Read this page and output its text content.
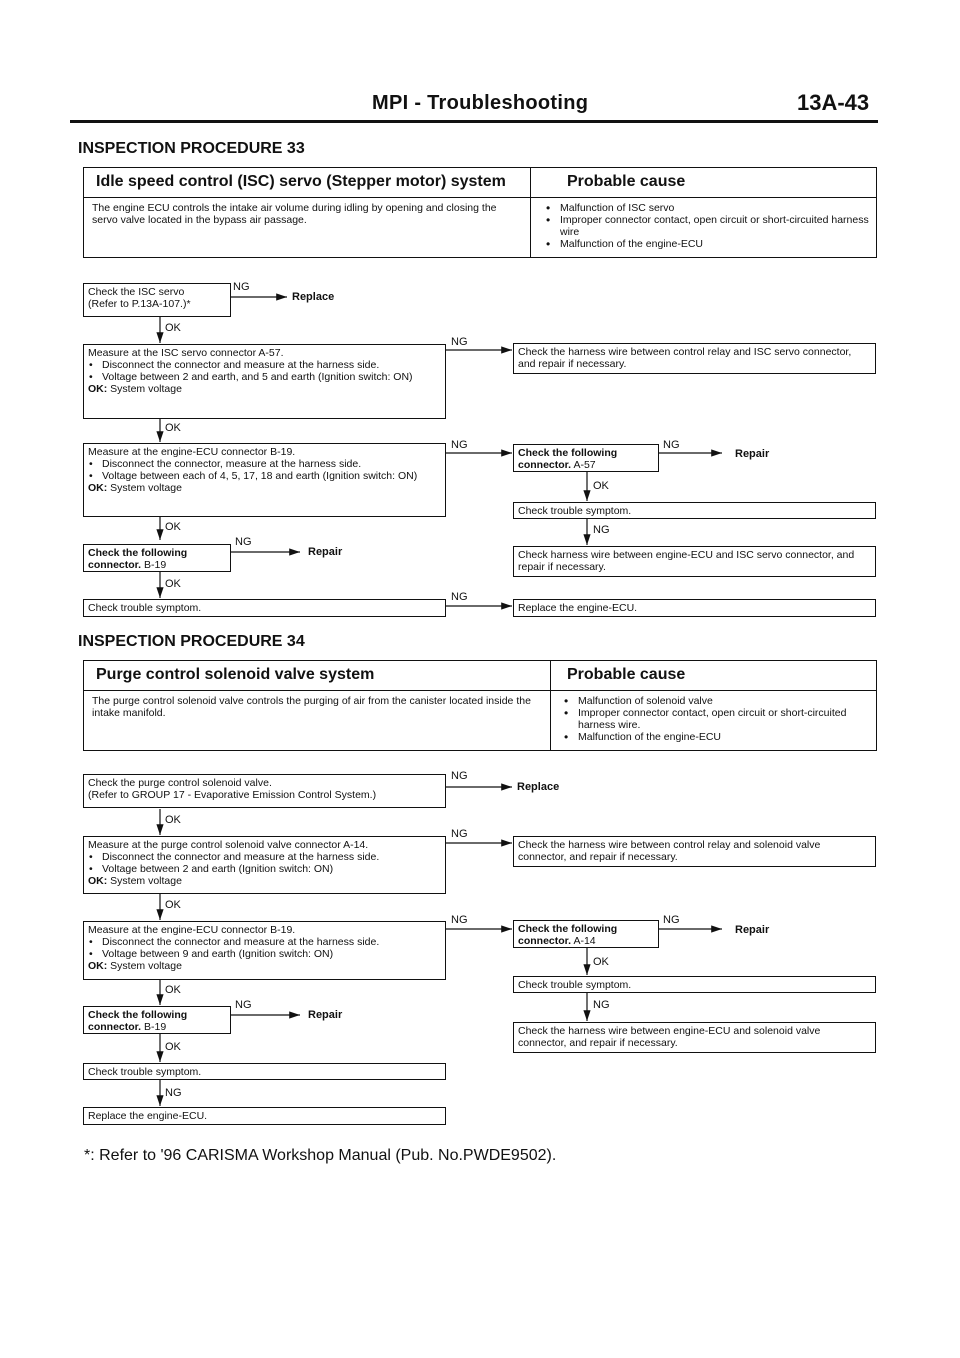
MPI - Troubleshooting	13A-43
INSPECTION PROCEDURE 33
Idle speed control (ISC) servo (Stepper motor) system	Probable cause
The engine ECU controls the intake air volume during idling by opening and closing the servo valve located in the bypass air passage.
• Malfunction of ISC servo
• Improper connector contact, open circuit or short-circuited harness wire
• Malfunction of the engine-ECU
Check the ISC servo
(Refer to P.13A-107.)*
NG
Replace
OK
Measure at the ISC servo connector A-57.
• Disconnect the connector and measure at the harness side.
• Voltage between 2 and earth, and 5 and earth (Ignition switch: ON)
OK: System voltage
NG
OK
Check the harness wire between control relay and ISC servo connector, and repair if necessary.
Measure at the engine-ECU connector B-19.
• Disconnect the connector, measure at the harness side.
• Voltage between each of 4, 5, 17, 18 and earth (Ignition switch: ON)
OK: System voltage
NG
OK
Check the following
connector. A-57
NG
Repair
OK
Check trouble symptom.
NG
Check harness wire between engine-ECU and ISC servo connector, and repair if necessary.
Check the following
connector. B-19
NG
Repair
OK
Check trouble symptom.
NG
Replace the engine-ECU.
INSPECTION PROCEDURE 34
Purge control solenoid valve system	Probable cause
The purge control solenoid valve controls the purging of air from the canister located inside the intake manifold.
• Malfunction of solenoid valve
• Improper connector contact, open circuit or short-circuited harness wire.
• Malfunction of the engine-ECU
Check the purge control solenoid valve.
(Refer to GROUP 17 - Evaporative Emission Control System.)
NG
Replace
OK
Measure at the purge control solenoid valve connector A-14.
• Disconnect the connector and measure at the harness side.
• Voltage between 2 and earth (Ignition switch: ON)
OK: System voltage
NG
OK
Check the harness wire between control relay and solenoid valve connector, and repair if necessary.
Measure at the engine-ECU connector B-19.
• Disconnect the connector and measure at the harness side.
• Voltage between 9 and earth (Ignition switch: ON)
OK: System voltage
NG
OK
Check the following
connector. A-14
NG
Repair
OK
Check trouble symptom.
NG
Check the harness wire between engine-ECU and solenoid valve connector, and repair if necessary.
Check the following
connector. B-19
NG
Repair
OK
Check trouble symptom.
NG
Replace the engine-ECU.
*: Refer to '96 CARISMA Workshop Manual (Pub. No.PWDE9502).
